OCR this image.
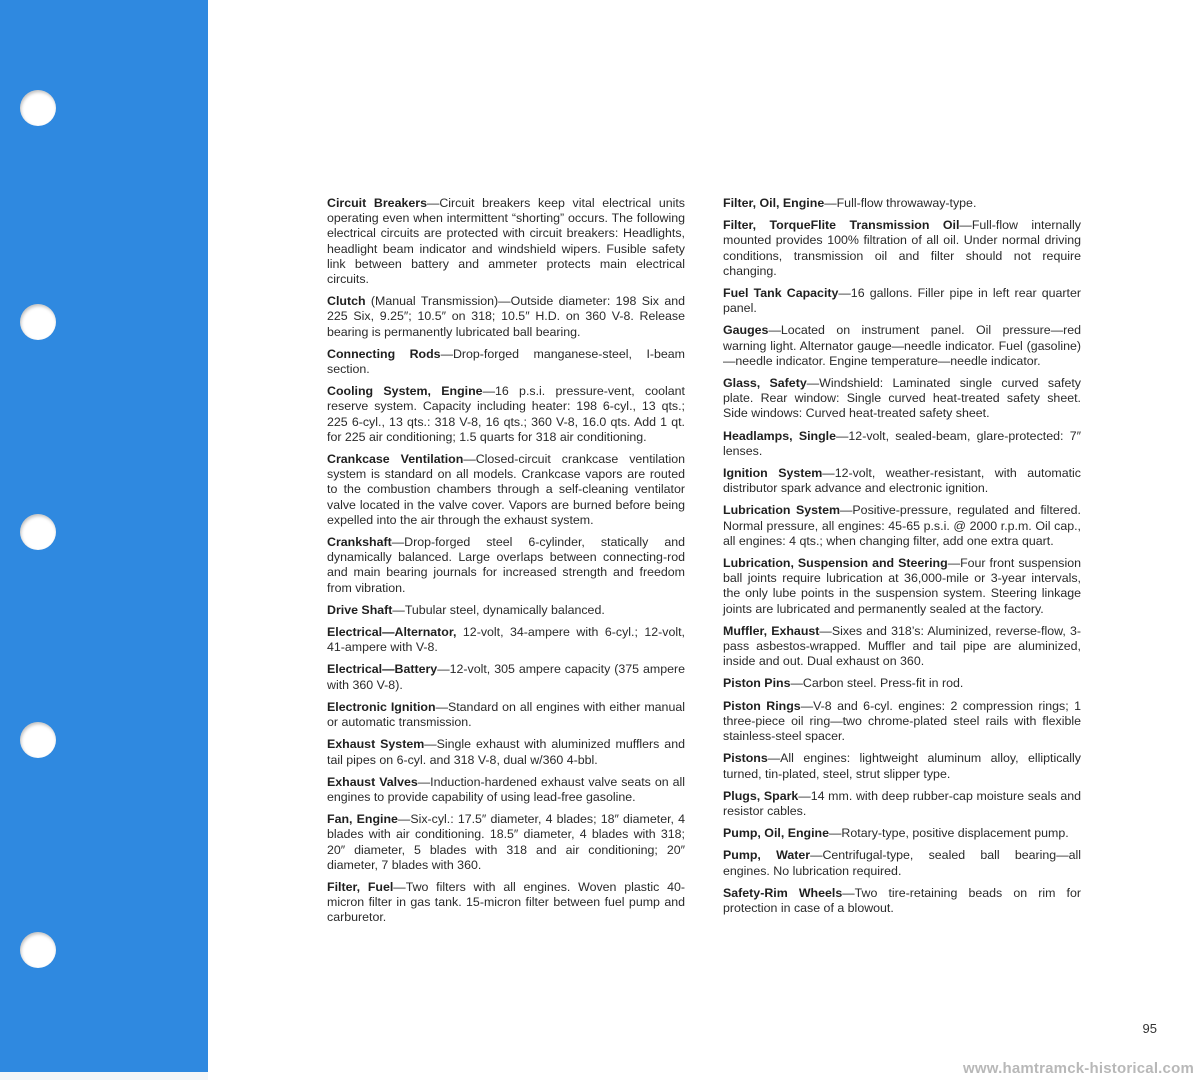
Circuit Breakers—Circuit breakers keep vital electrical units operating even when intermittent “shorting” occurs. The following electrical circuits are protected with circuit breakers: Headlights, headlight beam indicator and windshield wipers. Fusible safety link between battery and ammeter protects main electrical circuits.

Clutch (Manual Transmission)—Outside diameter: 198 Six and 225 Six, 9.25″; 10.5″ on 318; 10.5″ H.D. on 360 V-8. Release bearing is permanently lubricated ball bearing.

Connecting Rods—Drop-forged manganese-steel, I-beam section.

Cooling System, Engine—16 p.s.i. pressure-vent, coolant reserve system. Capacity including heater: 198 6-cyl., 13 qts.; 225 6-cyl., 13 qts.: 318 V-8, 16 qts.; 360 V-8, 16.0 qts. Add 1 qt. for 225 air conditioning; 1.5 quarts for 318 air conditioning.

Crankcase Ventilation—Closed-circuit crankcase ventilation system is standard on all models. Crankcase vapors are routed to the combustion chambers through a self-cleaning ventilator valve located in the valve cover. Vapors are burned before being expelled into the air through the exhaust system.

Crankshaft—Drop-forged steel 6-cylinder, statically and dynamically balanced. Large overlaps between connecting-rod and main bearing journals for increased strength and freedom from vibration.

Drive Shaft—Tubular steel, dynamically balanced.

Electrical—Alternator, 12-volt, 34-ampere with 6-cyl.; 12-volt, 41-ampere with V-8.

Electrical—Battery—12-volt, 305 ampere capacity (375 ampere with 360 V-8).

Electronic Ignition—Standard on all engines with either manual or automatic transmission.

Exhaust System—Single exhaust with aluminized mufflers and tail pipes on 6-cyl. and 318 V-8, dual w/360 4-bbl.

Exhaust Valves—Induction-hardened exhaust valve seats on all engines to provide capability of using lead-free gasoline.

Fan, Engine—Six-cyl.: 17.5″ diameter, 4 blades; 18″ diameter, 4 blades with air conditioning. 18.5″ diameter, 4 blades with 318; 20″ diameter, 5 blades with 318 and air conditioning; 20″ diameter, 7 blades with 360.

Filter, Fuel—Two filters with all engines. Woven plastic 40-micron filter in gas tank. 15-micron filter between fuel pump and carburetor.

Filter, Oil, Engine—Full-flow throwaway-type.

Filter, TorqueFlite Transmission Oil—Full-flow internally mounted provides 100% filtration of all oil. Under normal driving conditions, transmission oil and filter should not require changing.

Fuel Tank Capacity—16 gallons. Filler pipe in left rear quarter panel.

Gauges—Located on instrument panel. Oil pressure—red warning light. Alternator gauge—needle indicator. Fuel (gasoline)—needle indicator. Engine temperature—needle indicator.

Glass, Safety—Windshield: Laminated single curved safety plate. Rear window: Single curved heat-treated safety sheet. Side windows: Curved heat-treated safety sheet.

Headlamps, Single—12-volt, sealed-beam, glare-protected: 7″ lenses.

Ignition System—12-volt, weather-resistant, with automatic distributor spark advance and electronic ignition.

Lubrication System—Positive-pressure, regulated and filtered. Normal pressure, all engines: 45-65 p.s.i. @ 2000 r.p.m. Oil cap., all engines: 4 qts.; when changing filter, add one extra quart.

Lubrication, Suspension and Steering—Four front suspension ball joints require lubrication at 36,000-mile or 3-year intervals, the only lube points in the suspension system. Steering linkage joints are lubricated and permanently sealed at the factory.

Muffler, Exhaust—Sixes and 318’s: Aluminized, reverse-flow, 3-pass asbestos-wrapped. Muffler and tail pipe are aluminized, inside and out. Dual exhaust on 360.

Piston Pins—Carbon steel. Press-fit in rod.

Piston Rings—V-8 and 6-cyl. engines: 2 compression rings; 1 three-piece oil ring—two chrome-plated steel rails with flexible stainless-steel spacer.

Pistons—All engines: lightweight aluminum alloy, elliptically turned, tin-plated, steel, strut slipper type.

Plugs, Spark—14 mm. with deep rubber-cap moisture seals and resistor cables.

Pump, Oil, Engine—Rotary-type, positive displacement pump.

Pump, Water—Centrifugal-type, sealed ball bearing—all engines. No lubrication required.

Safety-Rim Wheels—Two tire-retaining beads on rim for protection in case of a blowout.

95
www.hamtramck-historical.com
